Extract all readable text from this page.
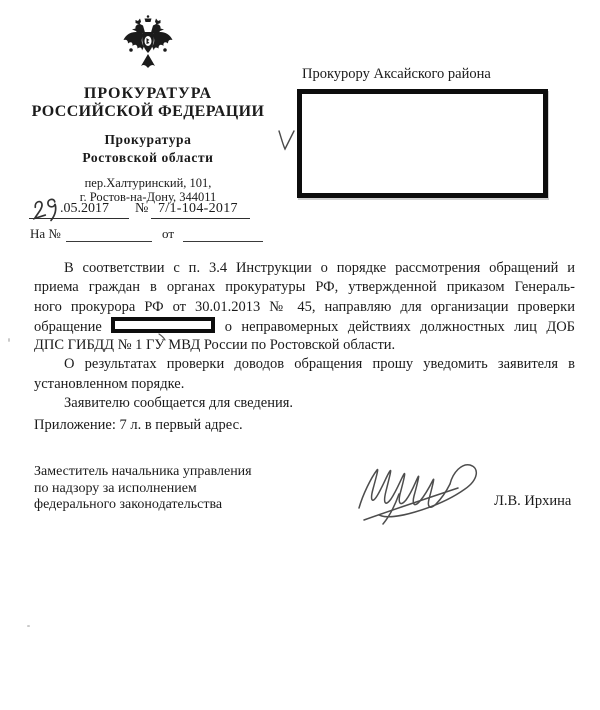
ПРОКУРАТУРА
РОССИЙСКОЙ ФЕДЕРАЦИИ
Прокуратура
Ростовской области
пер.Халтуринский, 101,
г. Ростов-на-Дону, 344011
.05.2017 № 7/1-104-2017
На №	от
Прокурору Аксайского района
В соответствии с п. 3.4 Инструкции о порядке рассмотрения обращений и
приема граждан в органах прокуратуры РФ, утвержденной приказом Генераль-
ного прокурора РФ от 30.01.2013 № 45, направляю для организации проверки
обращение	о неправомерных действиях должностных лиц ДОБ
ДПС ГИБДД № 1 ГУ МВД России по Ростовской области.
О результатах проверки доводов обращения прошу уведомить заявителя в
установленном порядке.
Заявителю сообщается для сведения.
Приложение: 7 л. в первый адрес.
Заместитель начальника управления
по надзору за исполнением
федерального законодательства	Л.В. Ирхина
